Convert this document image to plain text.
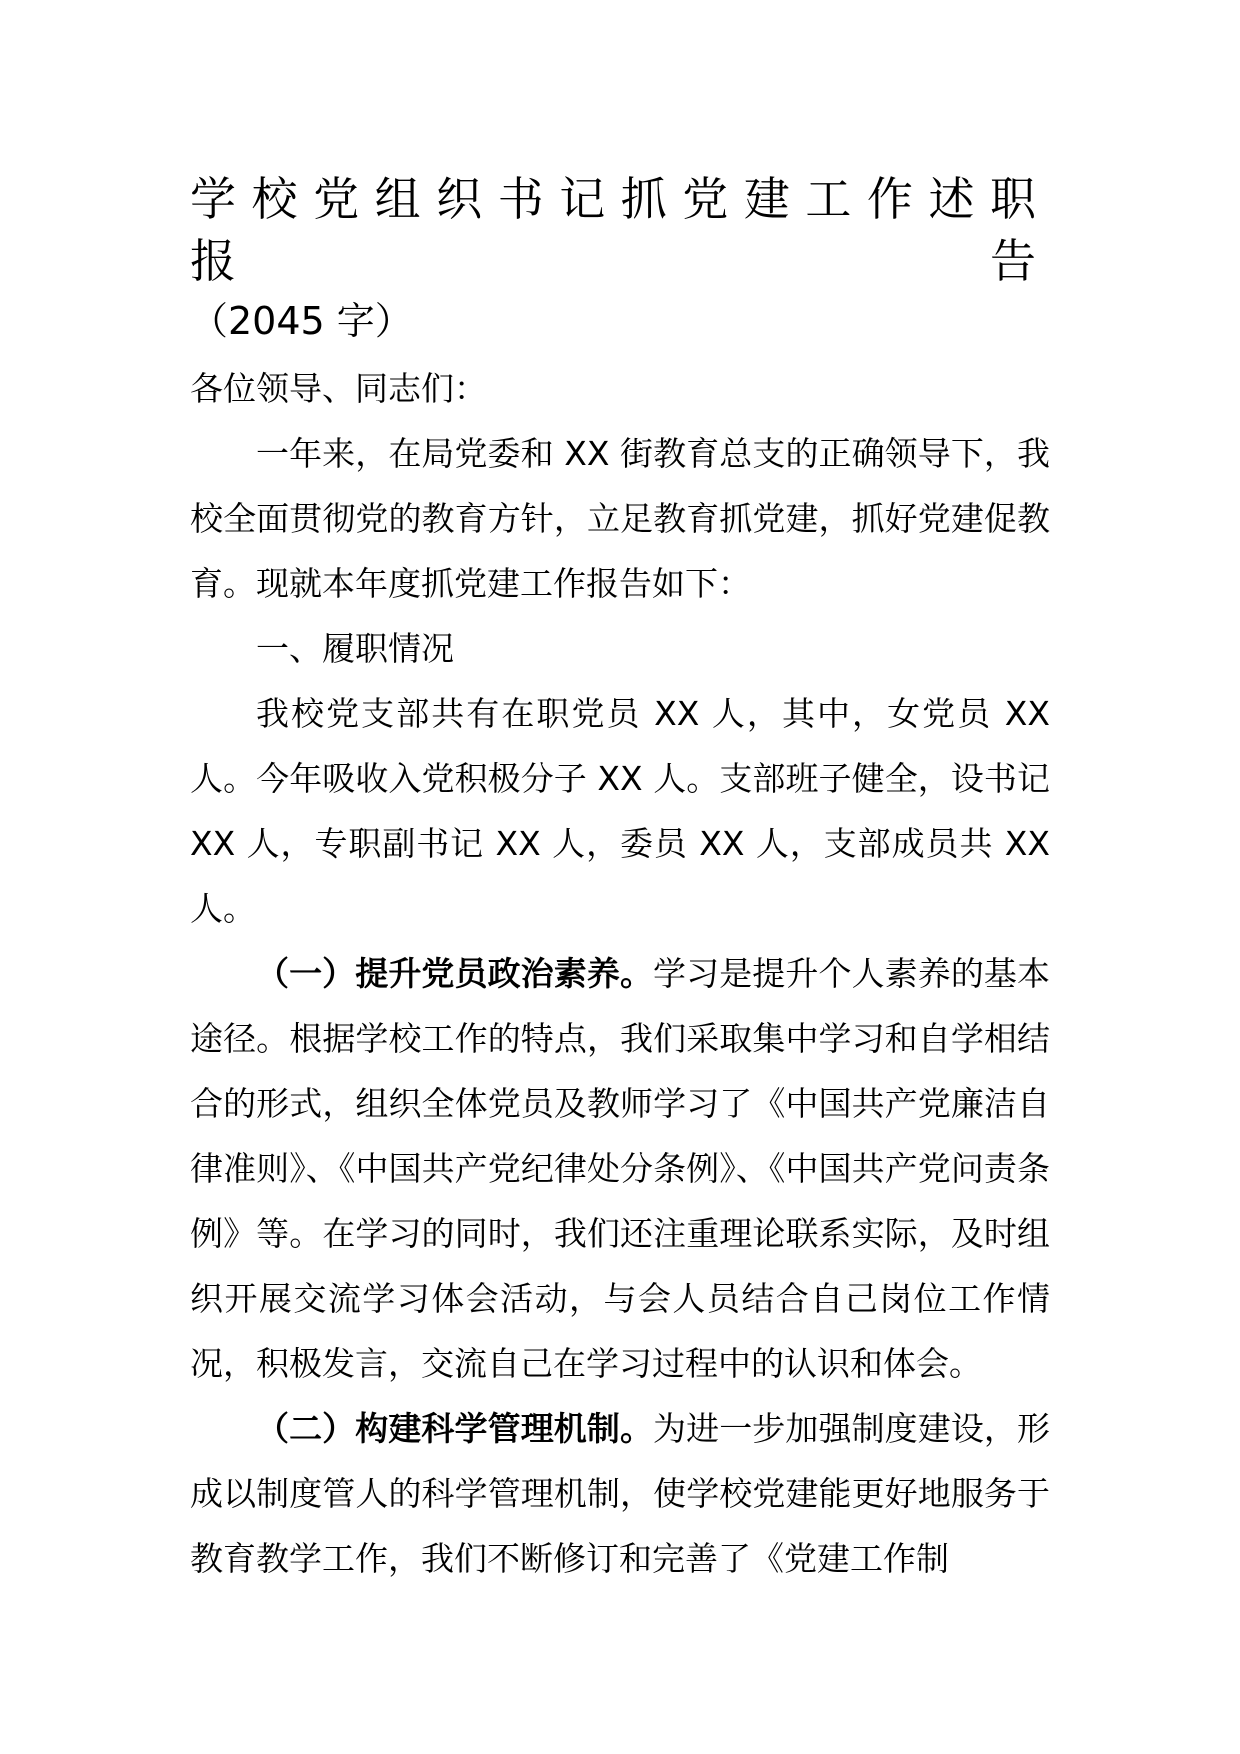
学校党组织书记抓党建工作述职报告
（2045 字）

各位领导、同志们：

一年来，在局党委和 XX 街教育总支的正确领导下，我校全面贯彻党的教育方针，立足教育抓党建，抓好党建促教育。现就本年度抓党建工作报告如下：

一、履职情况

我校党支部共有在职党员 XX 人，其中，女党员 XX 人。今年吸收入党积极分子 XX 人。支部班子健全，设书记 XX 人，专职副书记 XX 人，委员 XX 人，支部成员共 XX 人。

（一）提升党员政治素养。学习是提升个人素养的基本途径。根据学校工作的特点，我们采取集中学习和自学相结合的形式，组织全体党员及教师学习了《中国共产党廉洁自律准则》、《中国共产党纪律处分条例》、《中国共产党问责条例》等。在学习的同时，我们还注重理论联系实际，及时组织开展交流学习体会活动，与会人员结合自己岗位工作情况，积极发言，交流自己在学习过程中的认识和体会。

（二）构建科学管理机制。为进一步加强制度建设，形成以制度管人的科学管理机制，使学校党建能更好地服务于教育教学工作，我们不断修订和完善了《党建工作制
